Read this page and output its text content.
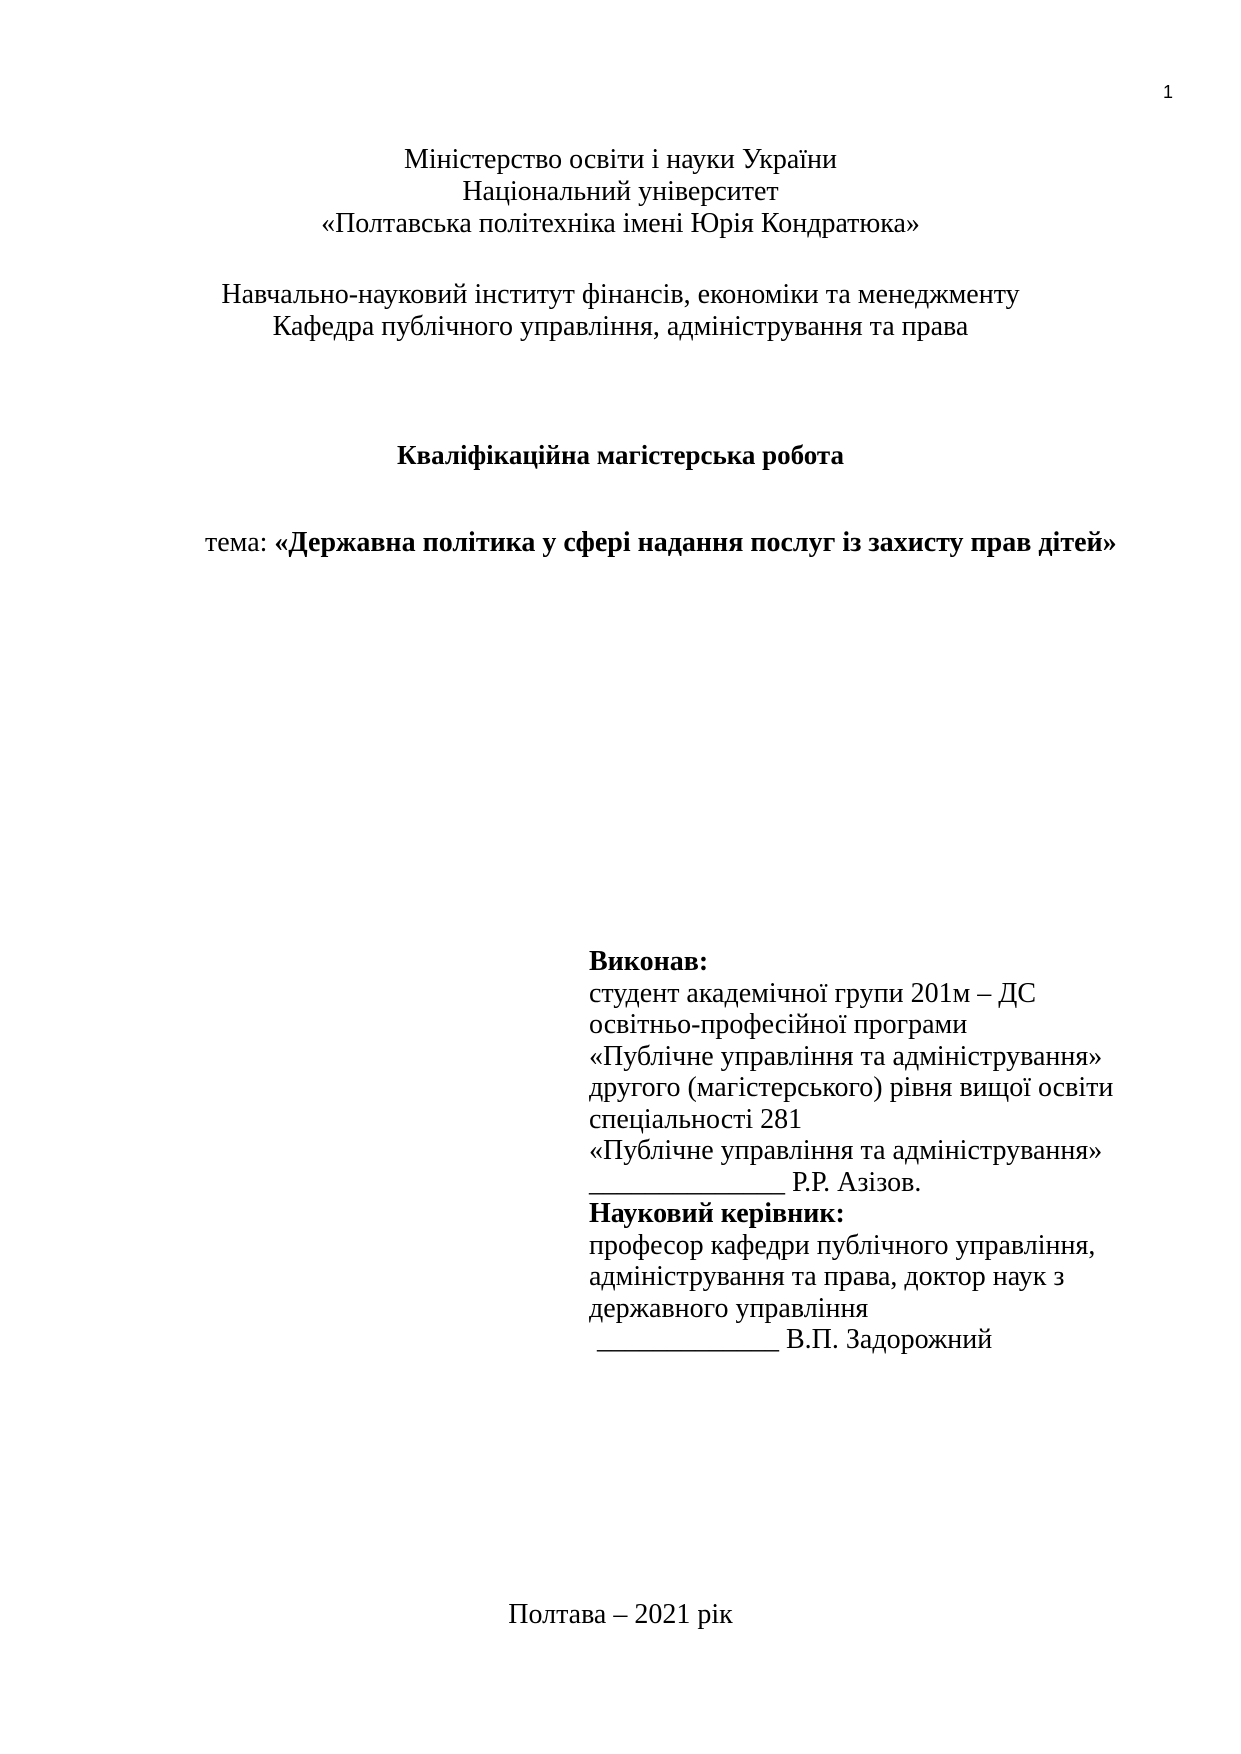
1
Міністерство освіти і науки України
Національний університет
«Полтавська політехніка імені Юрія Кондратюка»
Навчально-науковий інститут фінансів, економіки та менеджменту
Кафедра публічного управління, адміністрування та права
Кваліфікаційна магістерська робота
тема: «Державна політика у сфері надання послуг із захисту прав дітей»
Виконав:
студент академічної групи 201м – ДС
освітньо-професійної програми
«Публічне управління та адміністрування»
другого (магістерського) рівня вищої освіти
спеціальності 281
«Публічне управління та адміністрування»
______________ Р.Р. Азізов.
Науковий керівник:
професор кафедри публічного управління,
адміністрування та права, доктор наук з
державного управління
_____________ В.П. Задорожний
Полтава – 2021 рік
